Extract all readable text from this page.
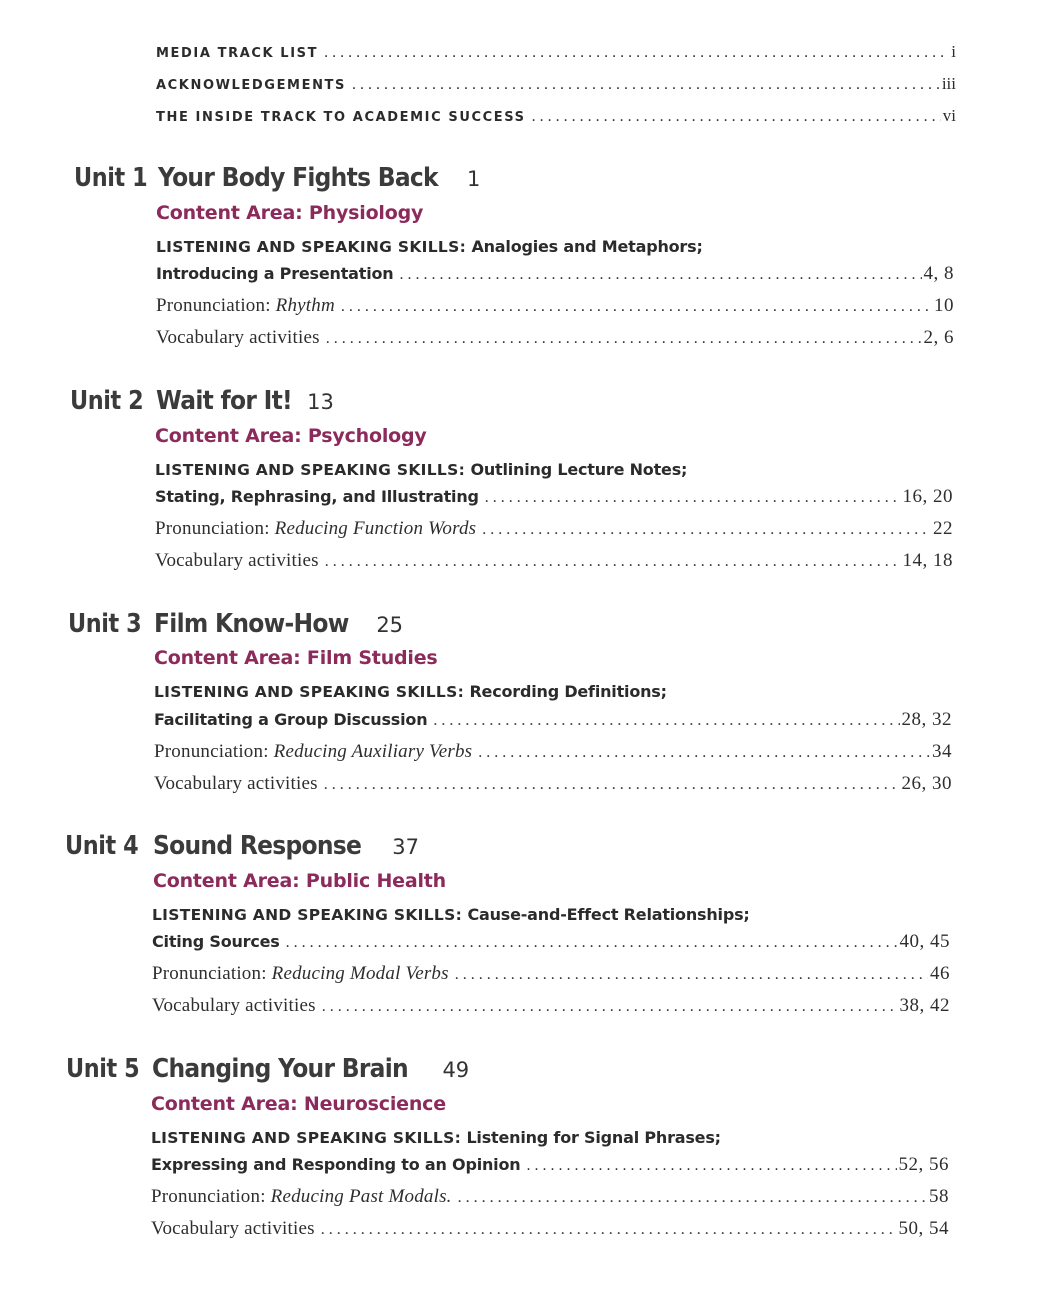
MEDIA TRACK LIST . . .	i
ACKNOWLEDGEMENTS . . .	iii
THE INSIDE TRACK TO ACADEMIC SUCCESS . . .	vi
Unit 1 Your Body Fights Back 1
Content Area: Physiology
LISTENING AND SPEAKING SKILLS: Analogies and Metaphors;
Introducing a Presentation . . .	4, 8
Pronunciation: Rhythm . . .	10
Vocabulary activities . . .	2, 6
Unit 2 Wait for It! 13
Content Area: Psychology
LISTENING AND SPEAKING SKILLS: Outlining Lecture Notes;
Stating, Rephrasing, and Illustrating . . .	16, 20
Pronunciation: Reducing Function Words . . .	22
Vocabulary activities . . .	14, 18
Unit 3 Film Know-How 25
Content Area: Film Studies
LISTENING AND SPEAKING SKILLS: Recording Definitions;
Facilitating a Group Discussion . . .	28, 32
Pronunciation: Reducing Auxiliary Verbs . . .	34
Vocabulary activities . . .	26, 30
Unit 4 Sound Response 37
Content Area: Public Health
LISTENING AND SPEAKING SKILLS: Cause-and-Effect Relationships;
Citing Sources . . .	40, 45
Pronunciation: Reducing Modal Verbs . . .	46
Vocabulary activities . . .	38, 42
Unit 5 Changing Your Brain 49
Content Area: Neuroscience
LISTENING AND SPEAKING SKILLS: Listening for Signal Phrases;
Expressing and Responding to an Opinion . . .	52, 56
Pronunciation: Reducing Past Modals. . . .	58
Vocabulary activities . . .	50, 54
